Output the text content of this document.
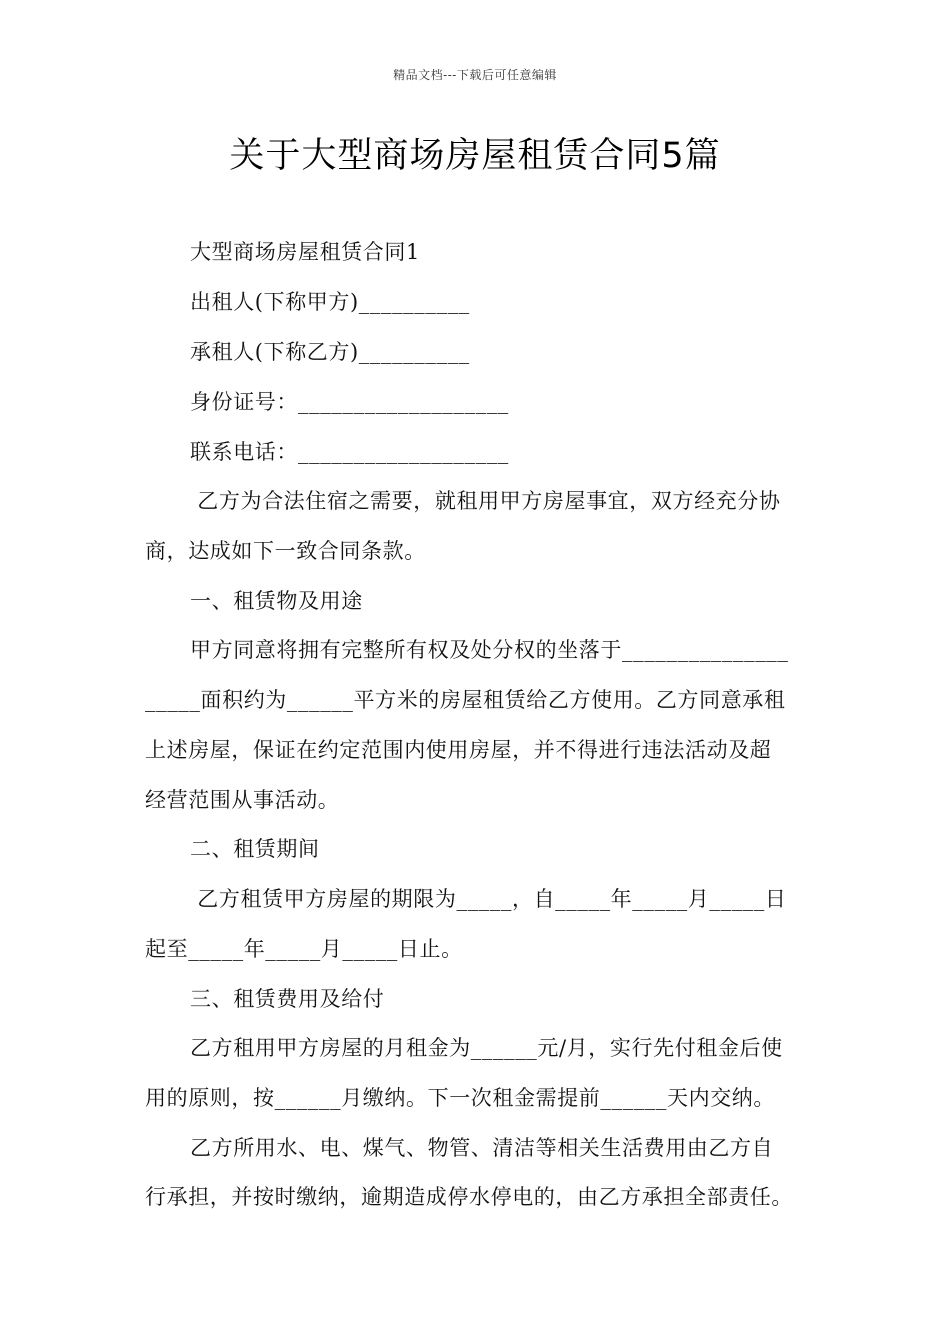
精品文档---下载后可任意编辑
关于大型商场房屋租赁合同5篇
大型商场房屋租赁合同1
出租人(下称甲方)__________
承租人(下称乙方)__________
身份证号：___________________
联系电话：___________________
乙方为合法住宿之需要，就租用甲方房屋事宜，双方经充分协
商，达成如下一致合同条款。
一、租赁物及用途
甲方同意将拥有完整所有权及处分权的坐落于_______________
_____面积约为______平方米的房屋租赁给乙方使用。乙方同意承租
上述房屋，保证在约定范围内使用房屋，并不得进行违法活动及超
经营范围从事活动。
二、租赁期间
乙方租赁甲方房屋的期限为_____，自_____年_____月_____日
起至_____年_____月_____日止。
三、租赁费用及给付
乙方租用甲方房屋的月租金为______元/月，实行先付租金后使
用的原则，按______月缴纳。下一次租金需提前______天内交纳。
乙方所用水、电、煤气、物管、清洁等相关生活费用由乙方自
行承担，并按时缴纳，逾期造成停水停电的，由乙方承担全部责任。
